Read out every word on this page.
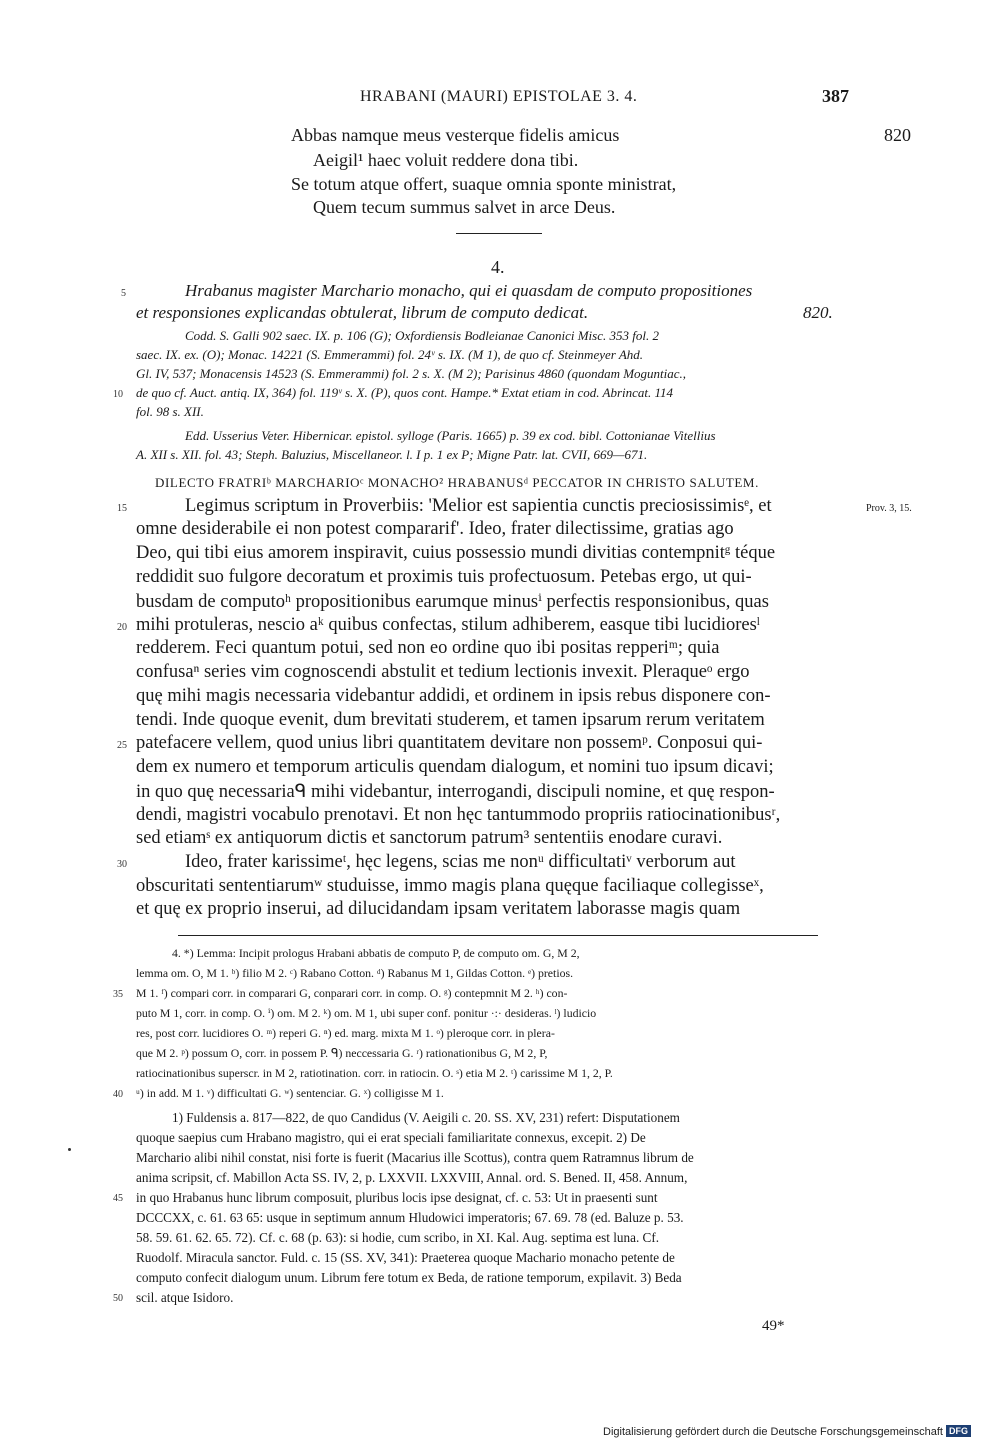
HRABANI (MAURI) EPISTOLAE 3. 4.	387
Abbas namque meus vesterque fidelis amicus
Aeigil¹ haec voluit reddere dona tibi.
Se totum atque offert, suaque omnia sponte ministrat,
Quem tecum summus salvet in arce Deus.
820
4.
5	Hrabanus magister Marchario monacho, qui ei quasdam de computo propositiones
et responsiones explicandas obtulerat, librum de computo dedicat.	820.
Codd. S. Galli 902 saec. IX. p. 106 (G); Oxfordiensis Bodleianae Canonici Misc. 353 fol. 2
saec. IX. ex. (O); Monac. 14221 (S. Emmerammi) fol. 24ᵛ s. IX. (M 1), de quo cf. Steinmeyer Ahd.
Gl. IV, 537; Monacensis 14523 (S. Emmerammi) fol. 2 s. X. (M 2); Parisinus 4860 (quondam Moguntiac.,
10 de quo cf. Auct. antiq. IX, 364) fol. 119ᵛ s. X. (P), quos cont. Hampe.* Extat etiam in cod. Abrincat. 114
fol. 98 s. XII.
Edd. Usserius Veter. Hibernicar. epistol. sylloge (Paris. 1665) p. 39 ex cod. bibl. Cottonianae Vitellius
A. XII s. XII. fol. 43; Steph. Baluzius, Miscellaneor. l. I p. 1 ex P; Migne Patr. lat. CVII, 669—671.
DILECTO FRATRIᵇ MARCHARIOᶜ MONACHO² HRABANUSᵈ PECCATOR IN CHRISTO SALUTEM.
15	Legimus scriptum in Proverbiis: 'Melior est sapientia cunctis preciosissimisᵉ, et	Prov. 3, 15.
omne desiderabile ei non potest compararif'. Ideo, frater dilectissime, gratias ago
Deo, qui tibi eius amorem inspiravit, cuius possessio mundi divitias contempnitᵍ téque
reddidit suo fulgore decoratum et proximis tuis profectuosum. Petebas ergo, ut qui-
busdam de computoʰ propositionibus earumque minusⁱ perfectis responsionibus, quas
20 mihi protuleras, nescio aᵏ quibus confectas, stilum adhiberem, easque tibi lucidioresˡ
redderem. Feci quantum potui, sed non eo ordine quo ibi positas repperiᵐ; quia
confusaⁿ series vim cognoscendi abstulit et tedium lectionis invexit. Pleraqueᵒ ergo
quę mihi magis necessaria videbantur addidi, et ordinem in ipsis rebus disponere con-
tendi. Inde quoque evenit, dum brevitati studerem, et tamen ipsarum rerum veritatem
25 patefacere vellem, quod unius libri quantitatem devitare non possemᵖ. Conposui qui-
dem ex numero et temporum articulis quendam dialogum, et nomini tuo ipsum dicavi;
in quo quę necessariaᑫ mihi videbantur, interrogandi, discipuli nomine, et quę respon-
dendi, magistri vocabulo prenotavi. Et non hęc tantummodo propriis ratiocinationibusʳ,
sed etiamˢ ex antiquorum dictis et sanctorum patrum³ sententiis enodare curavi.
30	Ideo, frater karissimeᵗ, hęc legens, scias me nonᵘ difficultatiᵛ verborum aut
obscuritati sententiarumʷ studuisse, immo magis plana quęque faciliaque collegisseˣ,
et quę ex proprio inserui, ad dilucidandam ipsam veritatem laborasse magis quam
4. *) Lemma: Incipit prologus Hrabani abbatis de computo P, de computo om. G, M 2,
lemma om. O, M 1. ᵇ) filio M 2. ᶜ) Rabano Cotton. ᵈ) Rabanus M 1, Gildas Cotton. ᵉ) pretios.
35 M 1. ᶠ) compari corr. in comparari G, conparari corr. in comp. O. ᵍ) contepmnit M 2. ʰ) con-
puto M 1, corr. in comp. O. ⁱ) om. M 2. ᵏ) om. M 1, ubi super conf. ponitur ·:· desideras. ˡ) ludicio
res, post corr. lucidiores O. ᵐ) reperi G. ⁿ) ed. marg. mixta M 1. ᵒ) pleroque corr. in plera-
que M 2. ᵖ) possum O, corr. in possem P. ᑫ) neccessaria G. ʳ) rationationibus G, M 2, P,
ratiocinationibus superscr. in M 2, ratiotination. corr. in ratiocin. O. ˢ) etia M 2. ᵗ) carissime M 1, 2, P.
40 ᵘ) in add. M 1. ᵛ) difficultati G. ʷ) sentenciar. G. ˣ) colligisse M 1.
1) Fuldensis a. 817—822, de quo Candidus (V. Aeigili c. 20. SS. XV, 231) refert: Disputationem
quoque saepius cum Hrabano magistro, qui ei erat speciali familiaritate connexus, excepit. 2) De
Marchario alibi nihil constat, nisi forte is fuerit (Macarius ille Scottus), contra quem Ratramnus librum de
anima scripsit, cf. Mabillon Acta SS. IV, 2, p. LXXVII. LXXVIII, Annal. ord. S. Bened. II, 458. Annum,
45 in quo Hrabanus hunc librum composuit, pluribus locis ipse designat, cf. c. 53: Ut in praesenti sunt
DCCCXX, c. 61. 63 65: usque in septimum annum Hludowici imperatoris; 67. 69. 78 (ed. Baluze p. 53.
58. 59. 61. 62. 65. 72). Cf. c. 68 (p. 63): si hodie, cum scribo, in XI. Kal. Aug. septima est luna. Cf.
Ruodolf. Miracula sanctor. Fuld. c. 15 (SS. XV, 341): Praeterea quoque Machario monacho petente de
computo confecit dialogum unum. Librum fere totum ex Beda, de ratione temporum, expilavit. 3) Beda
50 scil. atque Isidoro.
49*
Digitalisierung gefördert durch die Deutsche Forschungsgemeinschaft DFG
